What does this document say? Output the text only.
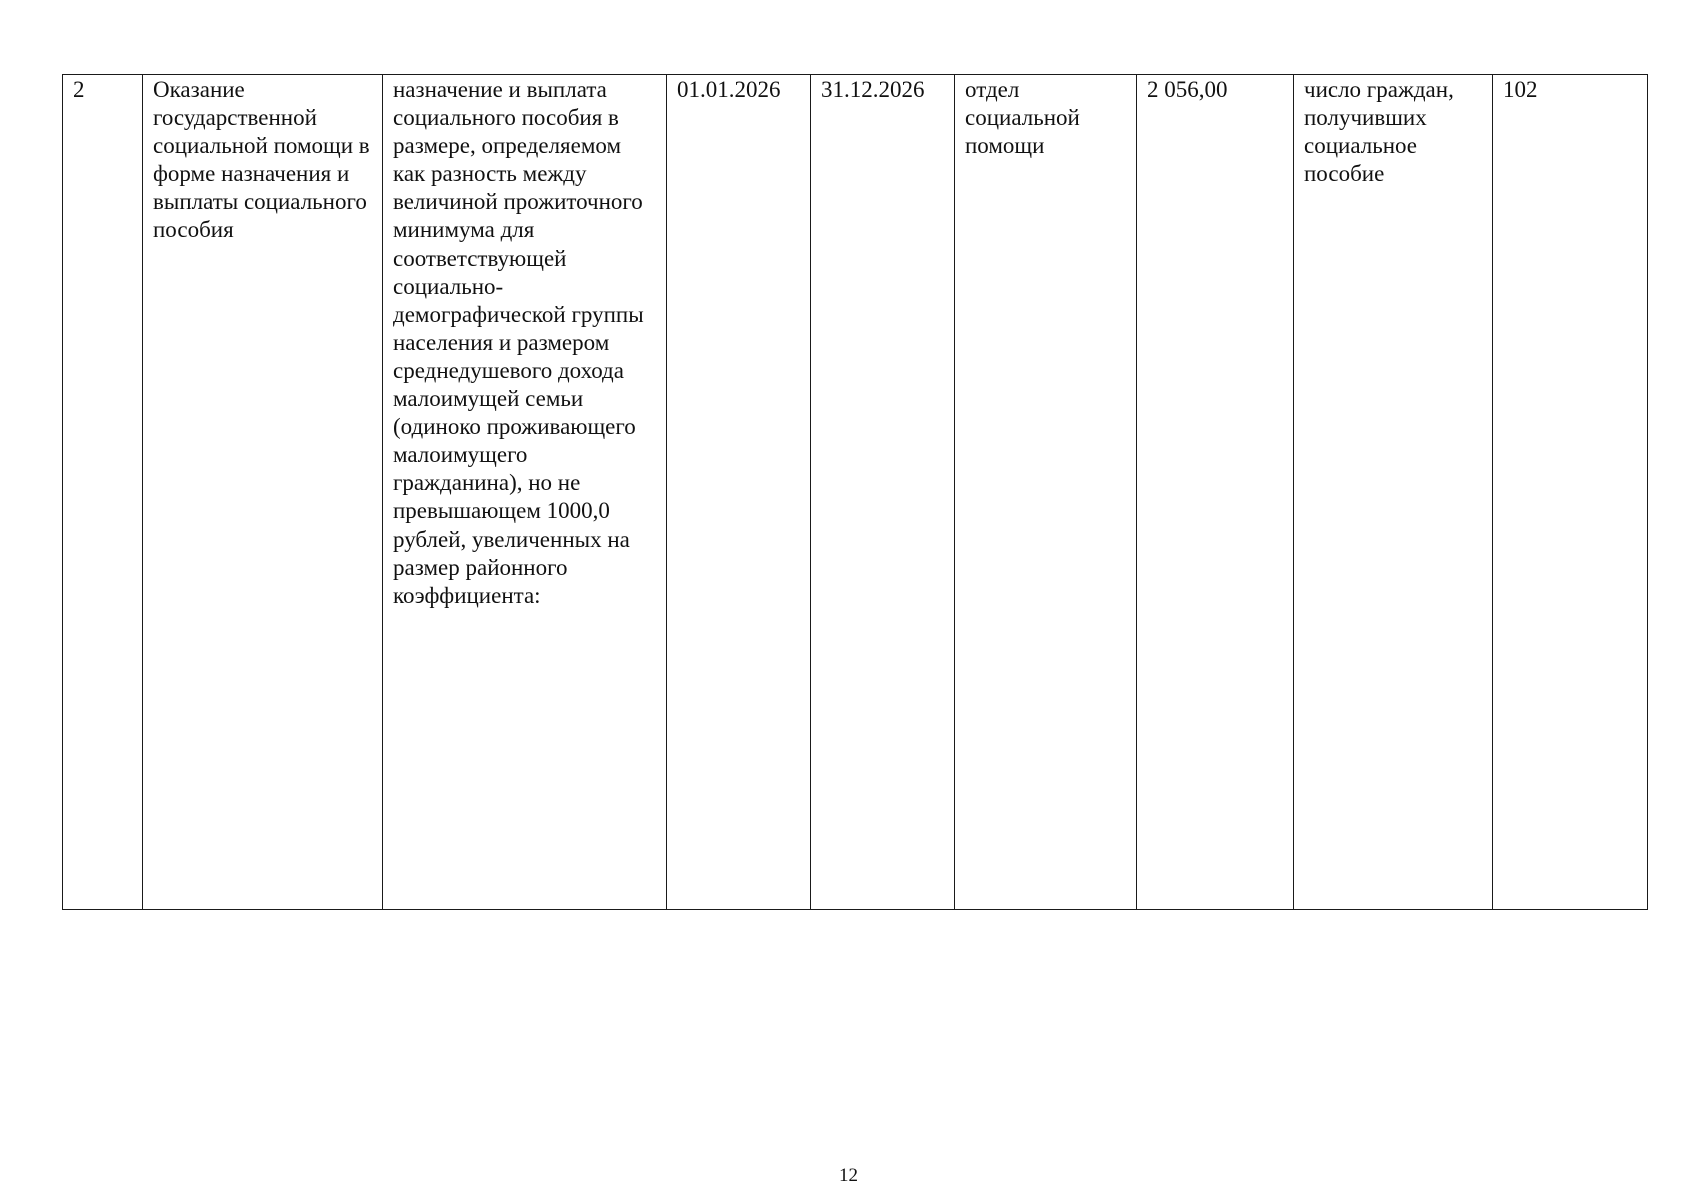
2	Оказание государственной социальной помощи в форме назначения и выплаты социального пособия	назначение и выплата социального пособия в размере, определяемом как разность между величиной прожиточного минимума для соответствующей социально-демографической группы населения и размером среднедушевого дохода малоимущей семьи (одиноко проживающего малоимущего гражданина), но не превышающем 1000,0 рублей, увеличенных на размер районного коэффициента:	01.01.2026	31.12.2026	отдел социальной помощи	2 056,00	число граждан, получивших социальное пособие	102
12
